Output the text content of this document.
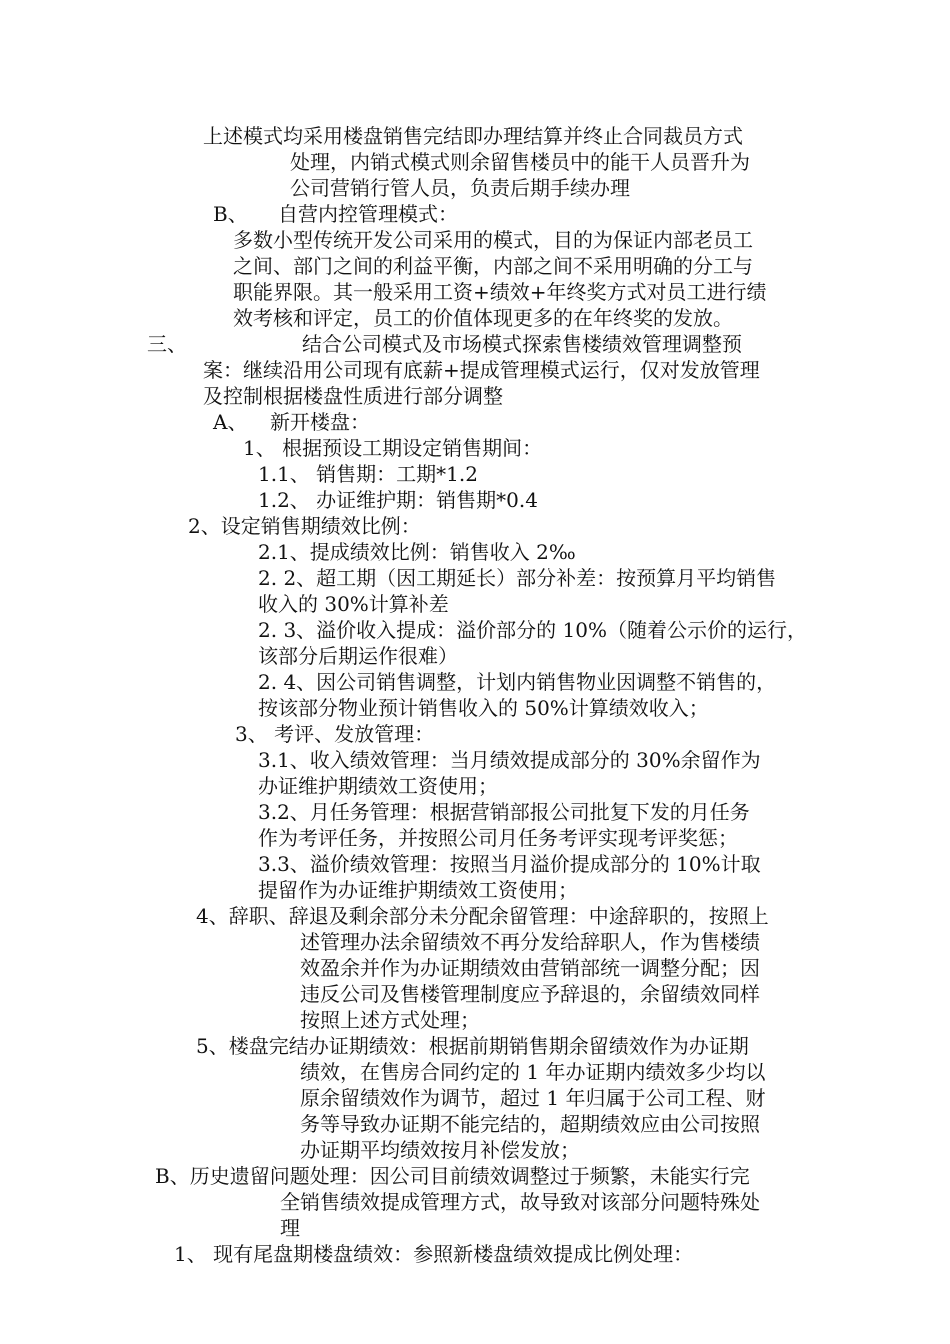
上述模式均采用楼盘销售完结即办理结算并终止合同裁员方式
处理，内销式模式则余留售楼员中的能干人员晋升为
公司营销行管人员，负责后期手续办理
B、 自营内控管理模式：
多数小型传统开发公司采用的模式，目的为保证内部老员工
之间、部门之间的利益平衡，内部之间不采用明确的分工与
职能界限。其一般采用工资+绩效+年终奖方式对员工进行绩
效考核和评定，员工的价值体现更多的在年终奖的发放。
三、	结合公司模式及市场模式探索售楼绩效管理调整预
案：继续沿用公司现有底薪+提成管理模式运行，仅对发放管理
及控制根据楼盘性质进行部分调整
A、 新开楼盘：
1、 根据预设工期设定销售期间：
1.1、 销售期：工期*1.2
1.2、 办证维护期：销售期*0.4
2、设定销售期绩效比例：
2.1、提成绩效比例：销售收入 2‰
2. 2、超工期（因工期延长）部分补差：按预算月平均销售
收入的 30%计算补差
2. 3、溢价收入提成：溢价部分的 10%（随着公示价的运行，
该部分后期运作很难）
2. 4、因公司销售调整，计划内销售物业因调整不销售的，
按该部分物业预计销售收入的 50%计算绩效收入；
3、 考评、发放管理：
3.1、收入绩效管理：当月绩效提成部分的 30%余留作为
办证维护期绩效工资使用；
3.2、月任务管理：根据营销部报公司批复下发的月任务
作为考评任务，并按照公司月任务考评实现考评奖惩；
3.3、溢价绩效管理：按照当月溢价提成部分的 10%计取
提留作为办证维护期绩效工资使用；
4、辞职、辞退及剩余部分未分配余留管理：中途辞职的，按照上
述管理办法余留绩效不再分发给辞职人，作为售楼绩
效盈余并作为办证期绩效由营销部统一调整分配；因
违反公司及售楼管理制度应予辞退的，余留绩效同样
按照上述方式处理；
5、楼盘完结办证期绩效：根据前期销售期余留绩效作为办证期
绩效，在售房合同约定的 1 年办证期内绩效多少均以
原余留绩效作为调节，超过 1 年归属于公司工程、财
务等导致办证期不能完结的，超期绩效应由公司按照
办证期平均绩效按月补偿发放；
B、历史遗留问题处理：因公司目前绩效调整过于频繁，未能实行完
全销售绩效提成管理方式，故导致对该部分问题特殊处
理
1、 现有尾盘期楼盘绩效：参照新楼盘绩效提成比例处理：
